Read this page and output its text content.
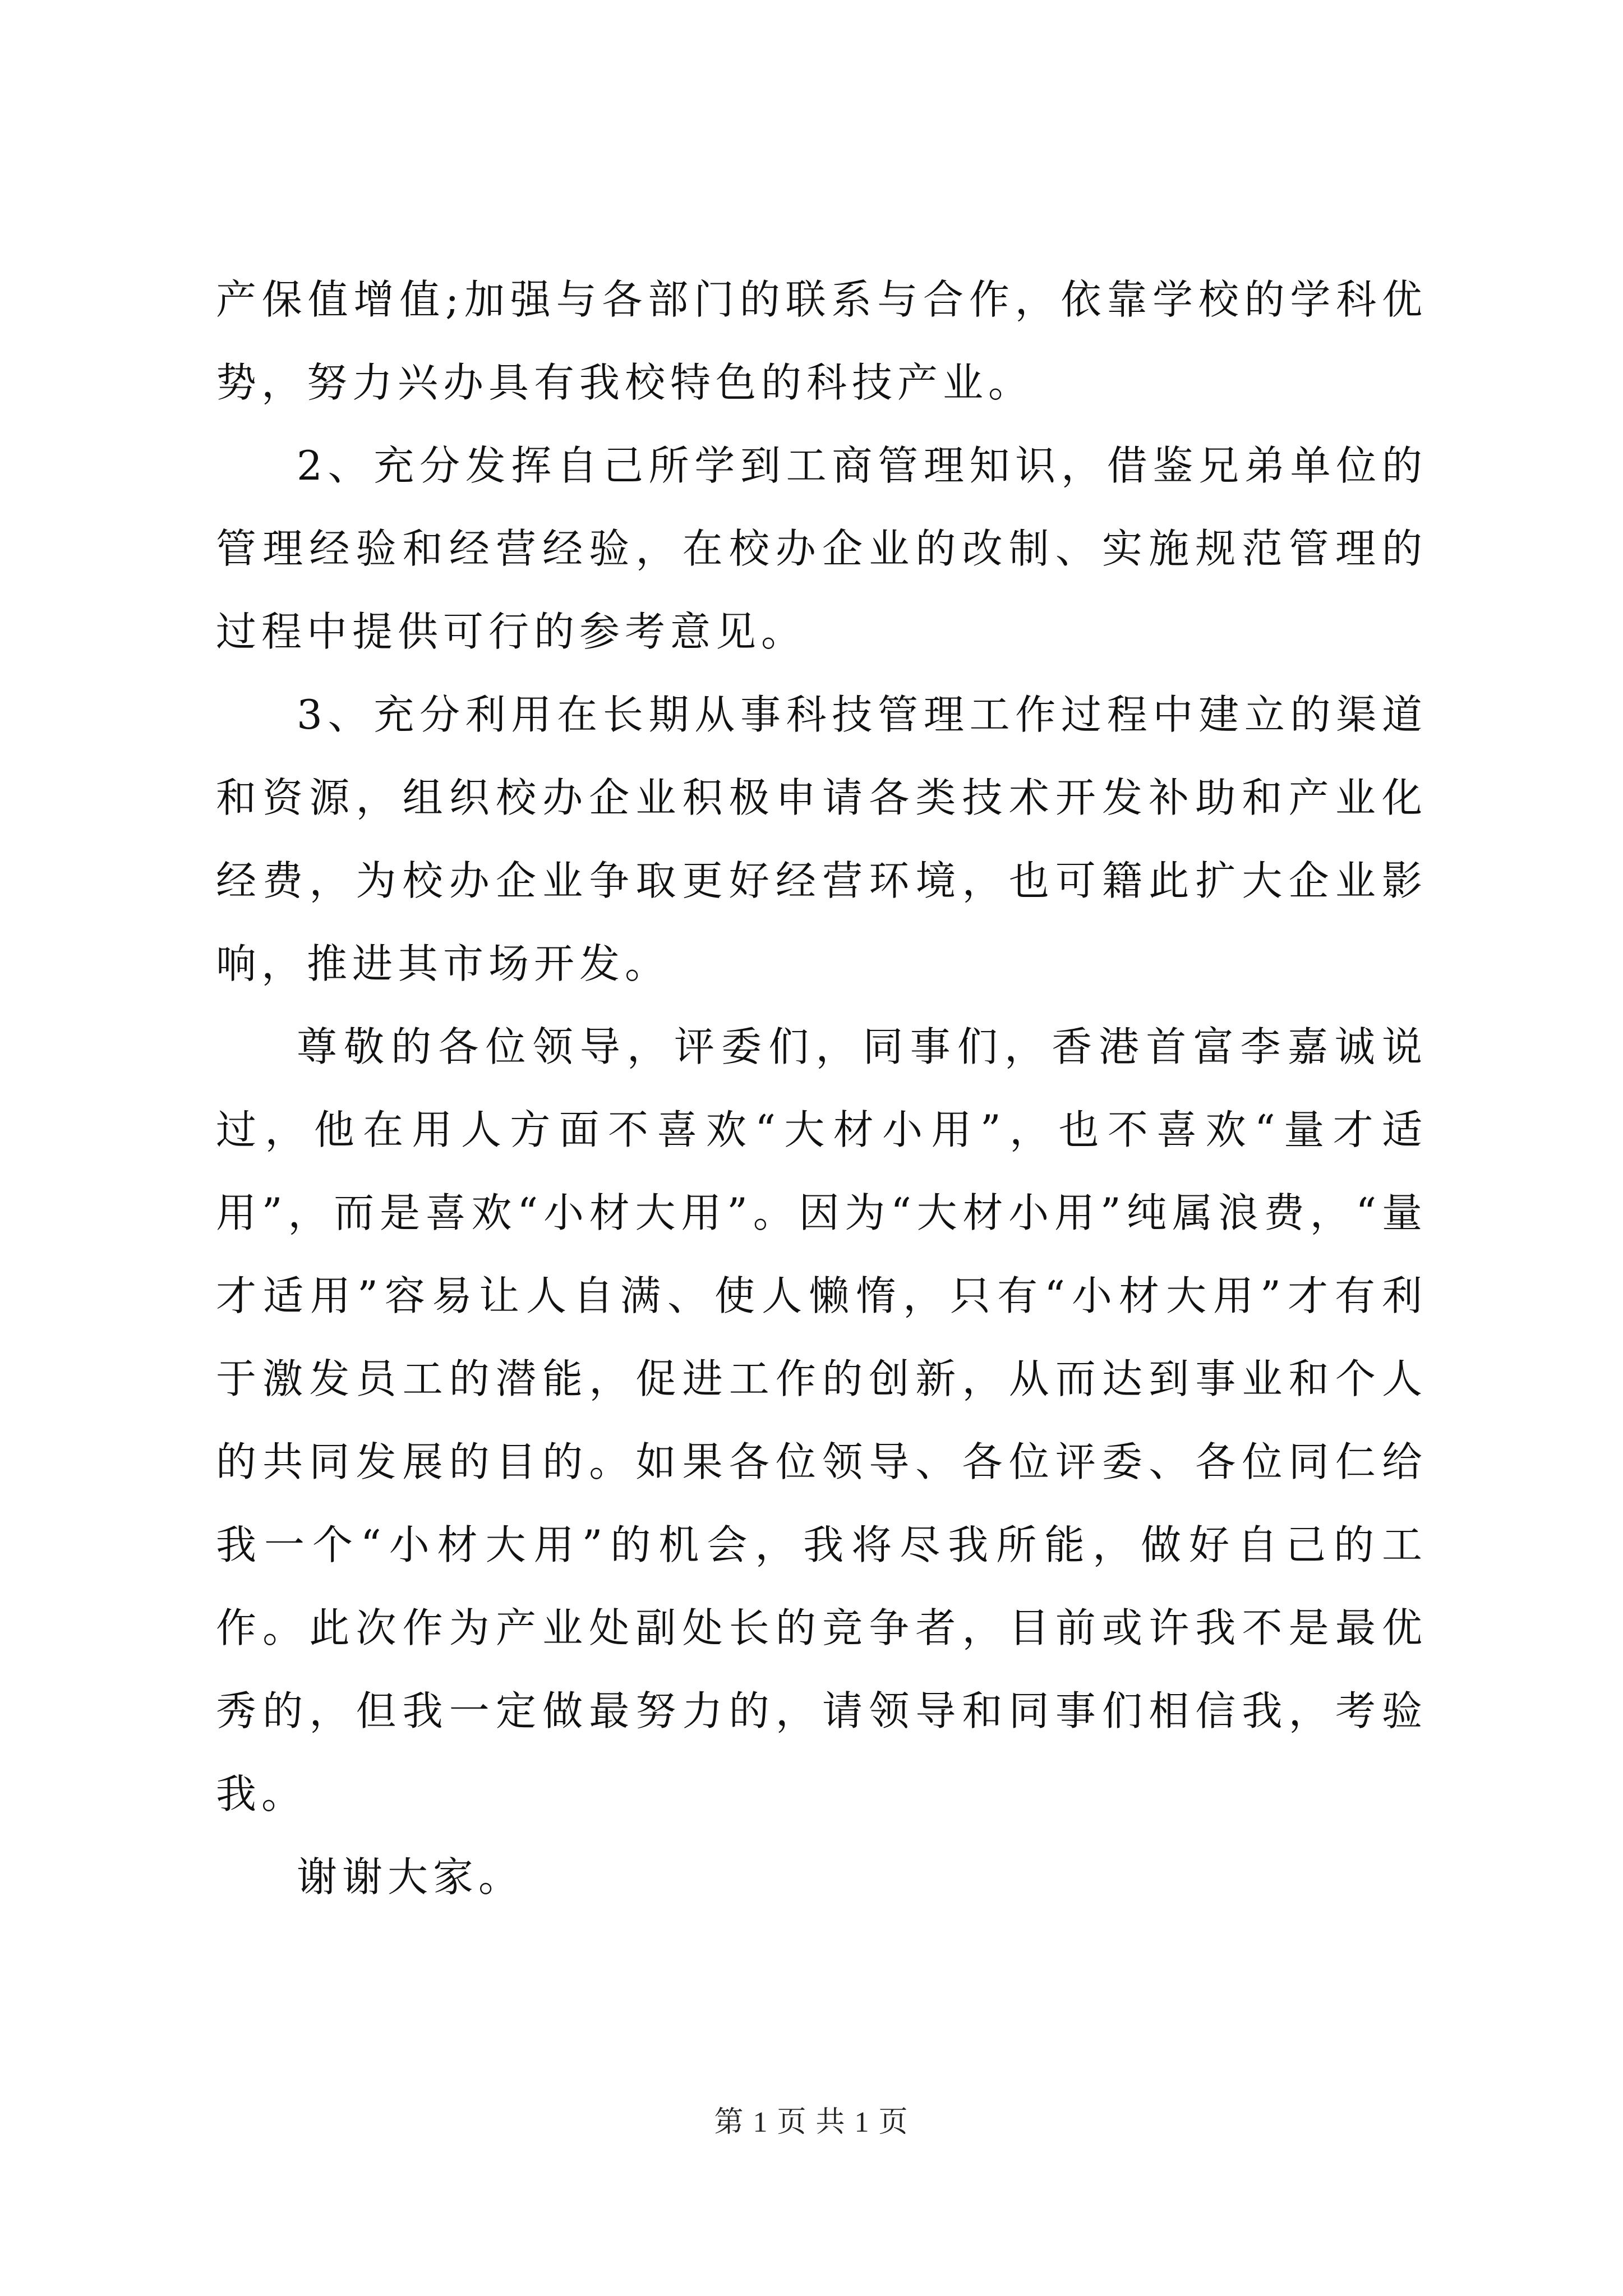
产保值增值;加强与各部门的联系与合作，依靠学校的学科优势，努力兴办具有我校特色的科技产业。

2、充分发挥自己所学到工商管理知识，借鉴兄弟单位的管理经验和经营经验，在校办企业的改制、实施规范管理的过程中提供可行的参考意见。

3、充分利用在长期从事科技管理工作过程中建立的渠道和资源，组织校办企业积极申请各类技术开发补助和产业化经费，为校办企业争取更好经营环境，也可籍此扩大企业影响，推进其市场开发。

尊敬的各位领导，评委们，同事们，香港首富李嘉诚说过，他在用人方面不喜欢“大材小用”，也不喜欢“量才适用”，而是喜欢“小材大用”。因为“大材小用”纯属浪费，“量才适用”容易让人自满、使人懒惰，只有“小材大用”才有利于激发员工的潜能，促进工作的创新，从而达到事业和个人的共同发展的目的。如果各位领导、各位评委、各位同仁给我一个“小材大用”的机会，我将尽我所能，做好自己的工作。此次作为产业处副处长的竞争者，目前或许我不是最优秀的，但我一定做最努力的，请领导和同事们相信我，考验我。

谢谢大家。

第 1 页 共 1 页
